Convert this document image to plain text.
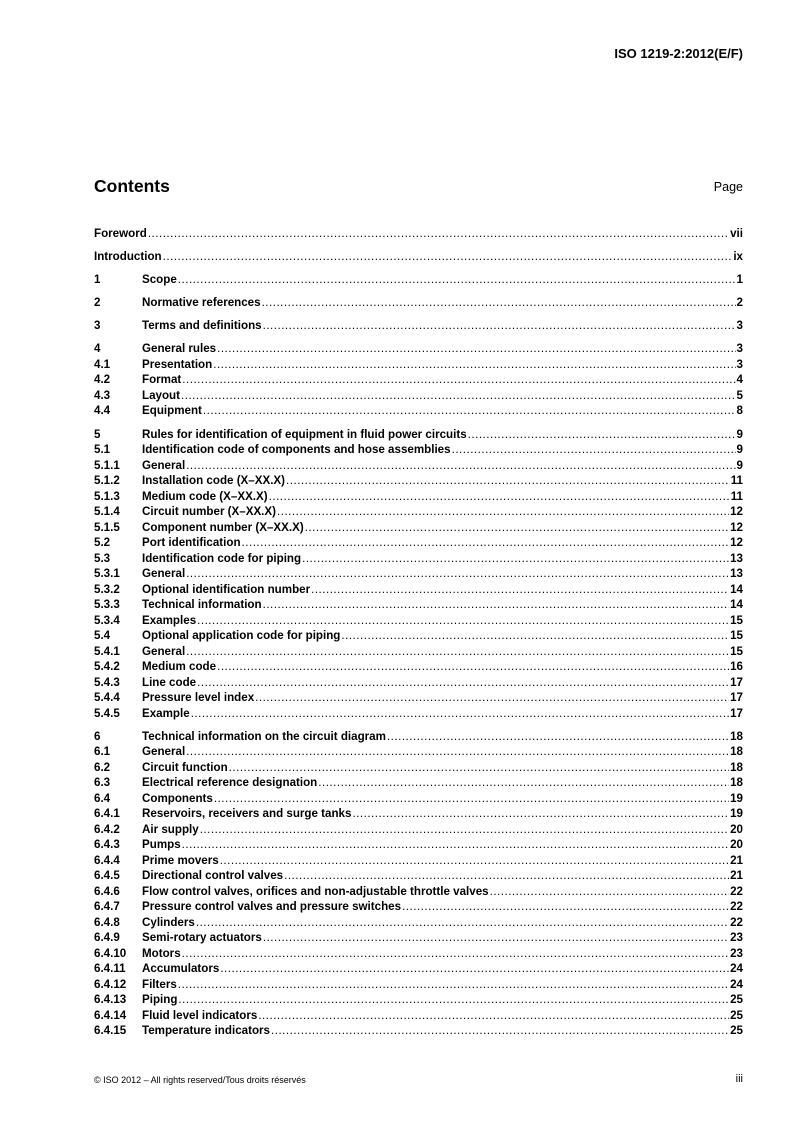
ISO 1219-2:2012(E/F)
Contents	Page
Foreword .....	vii
Introduction .....	ix
1	Scope .....	1
2	Normative references .....	2
3	Terms and definitions .....	3
4	General rules .....	3
4.1	Presentation .....	3
4.2	Format .....	4
4.3	Layout .....	5
4.4	Equipment .....	8
5	Rules for identification of equipment in fluid power circuits .....	9
5.1	Identification code of components and hose assemblies .....	9
5.1.1	General .....	9
5.1.2	Installation code (X–XX.X) .....	11
5.1.3	Medium code (X–XX.X) .....	11
5.1.4	Circuit number (X–XX.X) .....	12
5.1.5	Component number (X–XX.X) .....	12
5.2	Port identification .....	12
5.3	Identification code for piping .....	13
5.3.1	General .....	13
5.3.2	Optional identification number .....	14
5.3.3	Technical information .....	14
5.3.4	Examples .....	15
5.4	Optional application code for piping .....	15
5.4.1	General .....	15
5.4.2	Medium code .....	16
5.4.3	Line code .....	17
5.4.4	Pressure level index .....	17
5.4.5	Example .....	17
6	Technical information on the circuit diagram .....	18
6.1	General .....	18
6.2	Circuit function .....	18
6.3	Electrical reference designation .....	18
6.4	Components .....	19
6.4.1	Reservoirs, receivers and surge tanks .....	19
6.4.2	Air supply .....	20
6.4.3	Pumps .....	20
6.4.4	Prime movers .....	21
6.4.5	Directional control valves .....	21
6.4.6	Flow control valves, orifices and non-adjustable throttle valves .....	22
6.4.7	Pressure control valves and pressure switches .....	22
6.4.8	Cylinders .....	22
6.4.9	Semi-rotary actuators .....	23
6.4.10	Motors .....	23
6.4.11	Accumulators .....	24
6.4.12	Filters .....	24
6.4.13	Piping .....	25
6.4.14	Fluid level indicators .....	25
6.4.15	Temperature indicators .....	25
© ISO 2012 – All rights reserved/Tous droits réservés	iii
